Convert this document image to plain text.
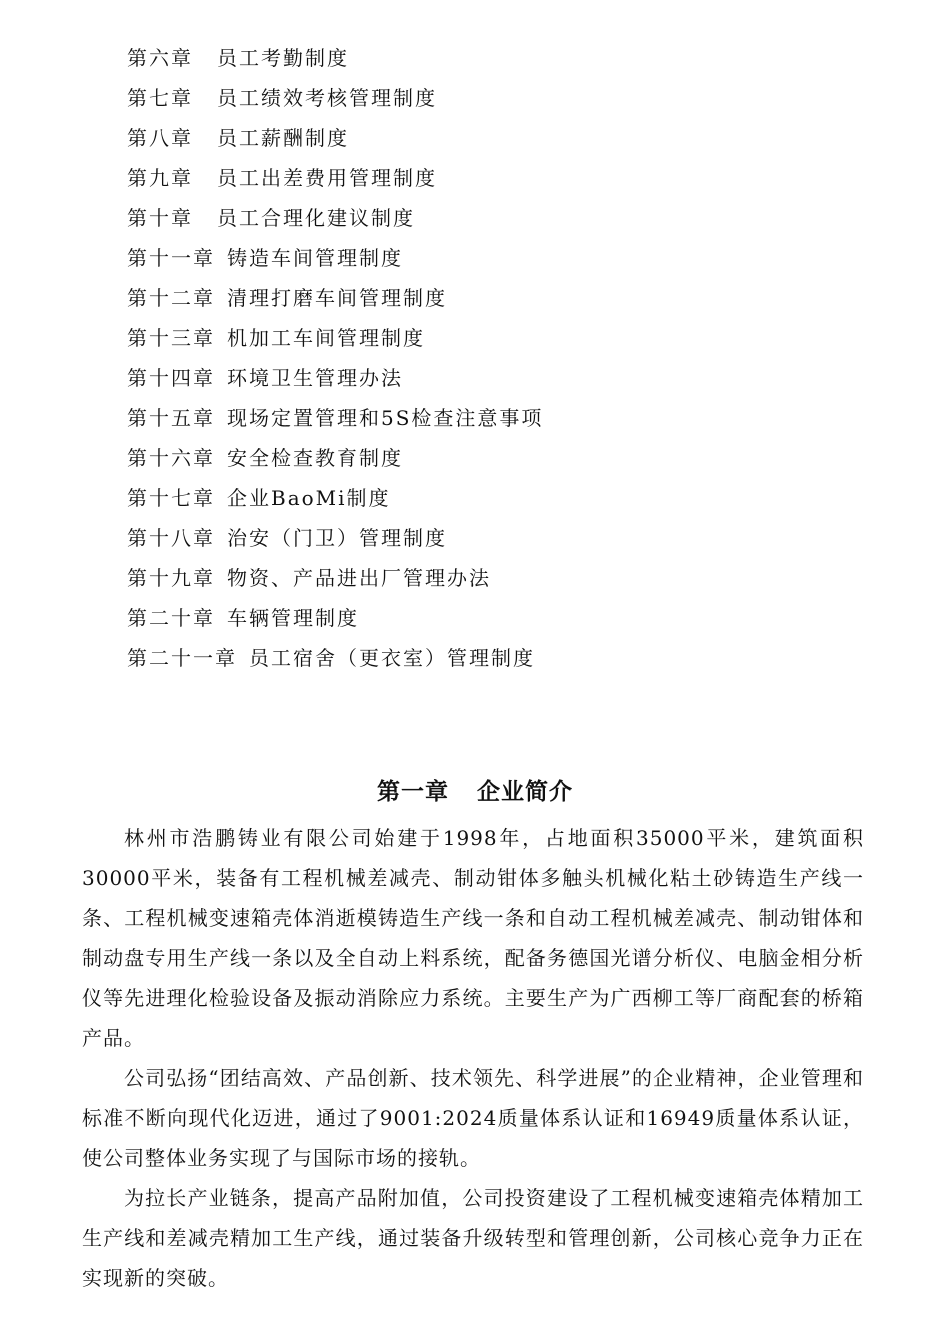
第六章 员工考勤制度
第七章 员工绩效考核管理制度
第八章 员工薪酬制度
第九章 员工出差费用管理制度
第十章 员工合理化建议制度
第十一章 铸造车间管理制度
第十二章 清理打磨车间管理制度
第十三章 机加工车间管理制度
第十四章 环境卫生管理办法
第十五章 现场定置管理和5S检查注意事项
第十六章 安全检查教育制度
第十七章 企业BaoMi制度
第十八章 治安（门卫）管理制度
第十九章 物资、产品进出厂管理办法
第二十章 车辆管理制度
第二十一章 员工宿舍（更衣室）管理制度
第一章 企业简介

林州市浩鹏铸业有限公司始建于1998年，占地面积35000平米，建筑面积30000平米，装备有工程机械差减壳、制动钳体多触头机械化粘土砂铸造生产线一条、工程机械变速箱壳体消逝模铸造生产线一条和自动工程机械差减壳、制动钳体和制动盘专用生产线一条以及全自动上料系统，配备务德国光谱分析仪、电脑金相分析仪等先进理化检验设备及振动消除应力系统。主要生产为广西柳工等厂商配套的桥箱产品。

公司弘扬“团结高效、产品创新、技术领先、科学进展”的企业精神，企业管理和标准不断向现代化迈进，通过了9001:2024质量体系认证和16949质量体系认证，使公司整体业务实现了与国际市场的接轨。

为拉长产业链条，提高产品附加值，公司投资建设了工程机械变速箱壳体精加工生产线和差减壳精加工生产线，通过装备升级转型和管理创新，公司核心竞争力正在实现新的突破。
